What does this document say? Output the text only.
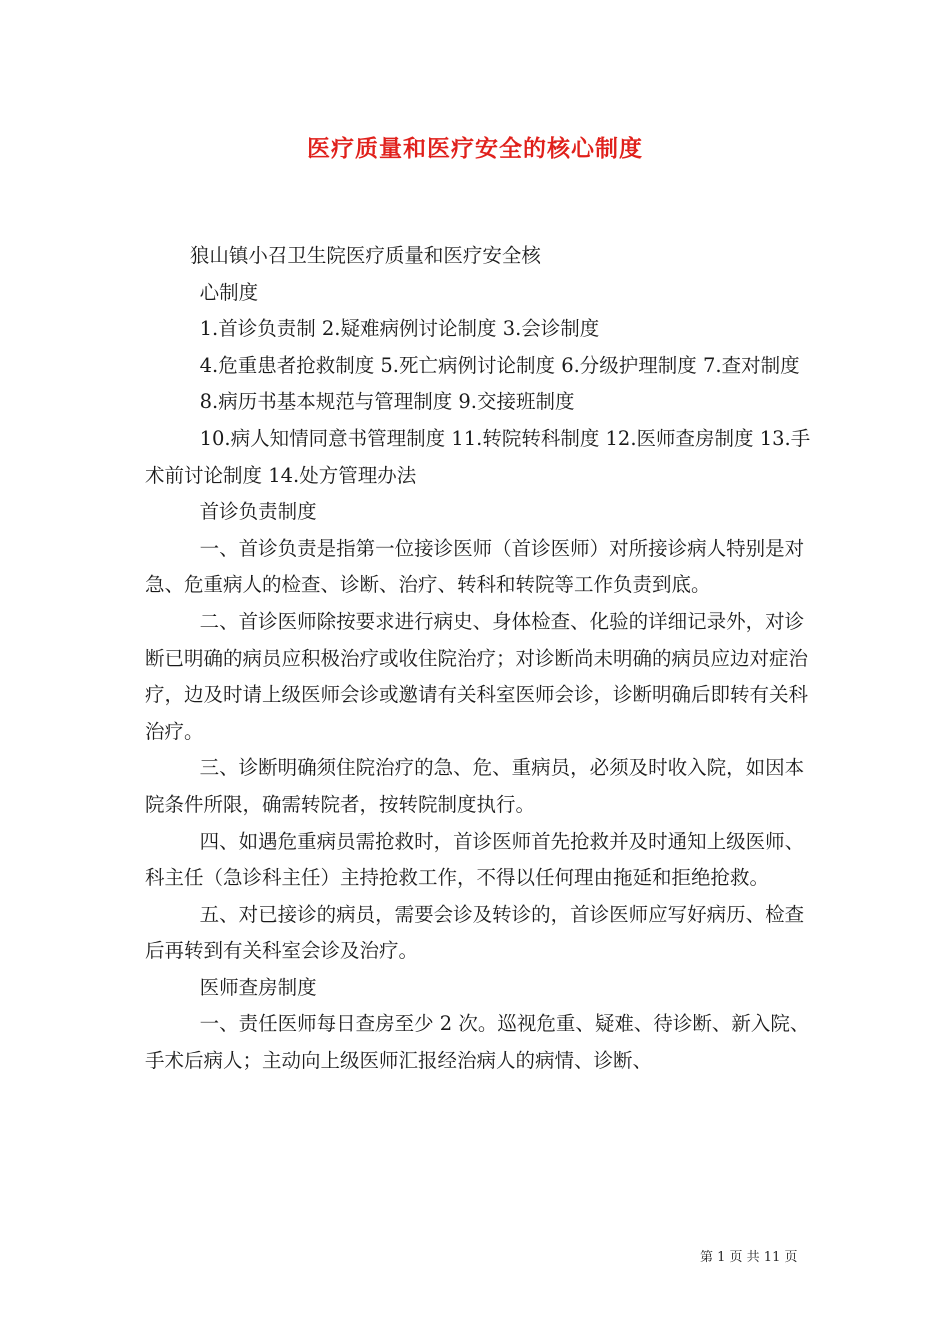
医疗质量和医疗安全的核心制度

狼山镇小召卫生院医疗质量和医疗安全核

心制度

1.首诊负责制 2.疑难病例讨论制度 3.会诊制度

4.危重患者抢救制度 5.死亡病例讨论制度 6.分级护理制度 7.查对制度

8.病历书基本规范与管理制度 9.交接班制度

10.病人知情同意书管理制度 11.转院转科制度 12.医师查房制度 13.手术前讨论制度 14.处方管理办法

首诊负责制度

一、首诊负责是指第一位接诊医师（首诊医师）对所接诊病人特别是对急、危重病人的检查、诊断、治疗、转科和转院等工作负责到底。

二、首诊医师除按要求进行病史、身体检查、化验的详细记录外，对诊断已明确的病员应积极治疗或收住院治疗；对诊断尚未明确的病员应边对症治疗，边及时请上级医师会诊或邀请有关科室医师会诊，诊断明确后即转有关科治疗。

三、诊断明确须住院治疗的急、危、重病员，必须及时收入院，如因本院条件所限，确需转院者，按转院制度执行。

四、如遇危重病员需抢救时，首诊医师首先抢救并及时通知上级医师、科主任（急诊科主任）主持抢救工作，不得以任何理由拖延和拒绝抢救。

五、对已接诊的病员，需要会诊及转诊的，首诊医师应写好病历、检查后再转到有关科室会诊及治疗。

医师查房制度

一、责任医师每日查房至少 2 次。巡视危重、疑难、待诊断、新入院、手术后病人；主动向上级医师汇报经治病人的病情、诊断、

第 1 页 共 11 页
